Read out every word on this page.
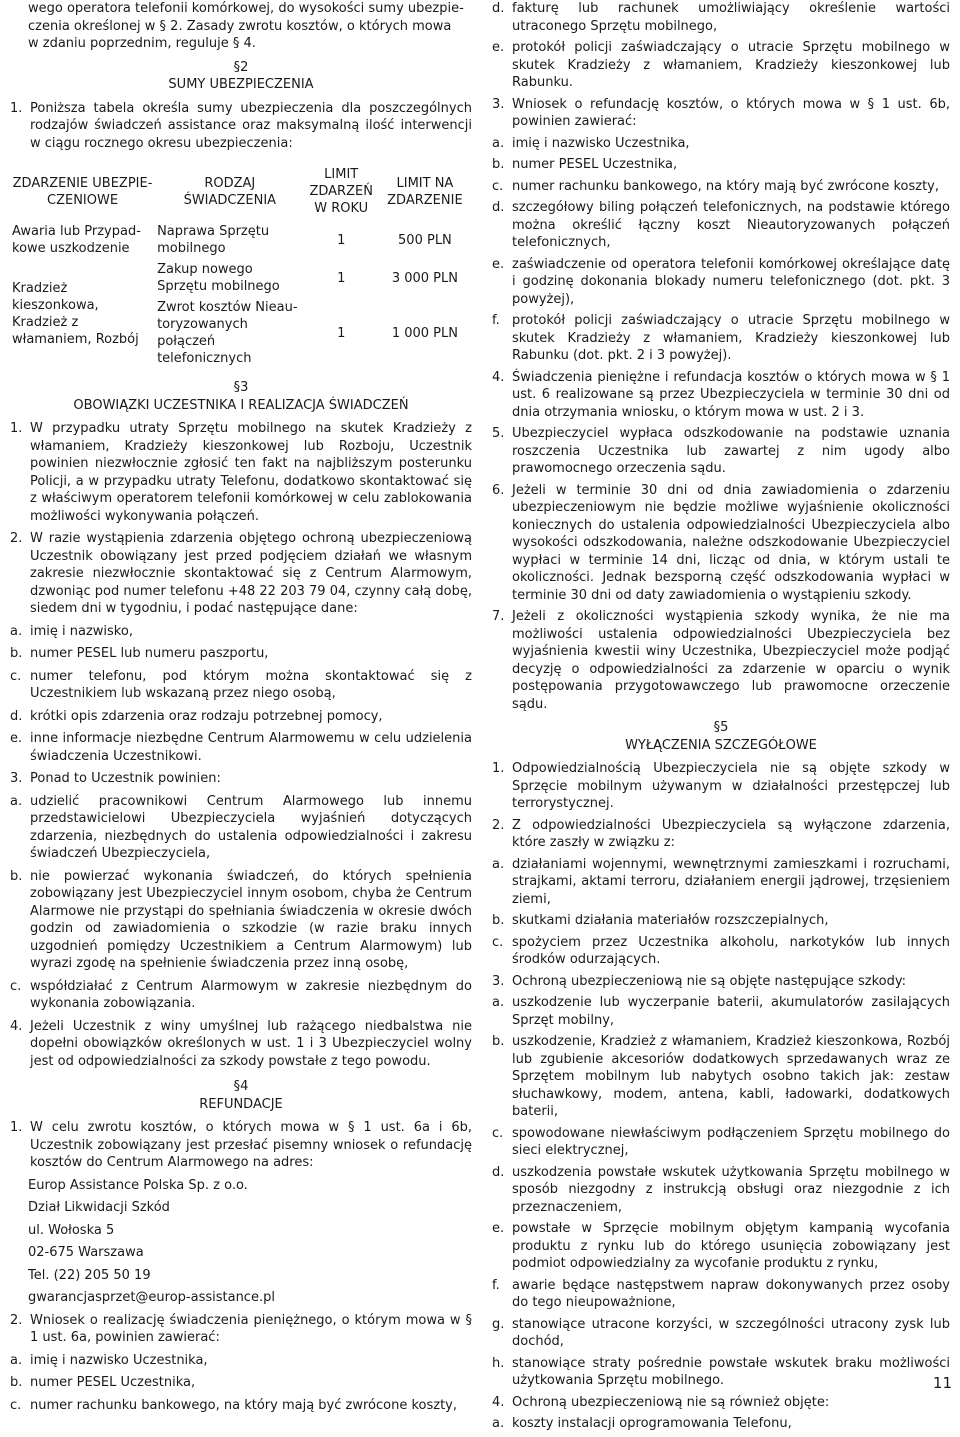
wego operatora telefonii komórkowej, do wysokości sumy ubezpie-
czenia określonej w § 2. Zasady zwrotu kosztów, o których mowa
w zdaniu poprzednim, reguluje § 4.

§2
SUMY UBEZPIECZENIA
1. Poniższa tabela określa sumy ubezpieczenia dla poszczególnych rodzajów świadczeń assistance oraz maksymalną ilość interwencji w ciągu rocznego okresu ubezpieczenia:
ZDARZENIE UBEZPIE-CZENIOWE	RODZAJ ŚWIADCZENIA	LIMIT ZDARZEŃ W ROKU	LIMIT NA ZDARZENIE
Awaria lub Przypad-kowe uszkodzenie	Naprawa Sprzętu mobilnego	1	500 PLN
Kradzież kieszonkowa, Kradzież z włamaniem, Rozbój	Zakup nowego Sprzętu mobilnego	1	3 000 PLN
	Zwrot kosztów Nieau-toryzowanych połączeń telefonicznych	1	1 000 PLN
§3
OBOWIĄZKI UCZESTNIKA I REALIZACJA ŚWIADCZEŃ
1. W przypadku utraty Sprzętu mobilnego na skutek Kradzieży z włamaniem, Kradzieży kieszonkowej lub Rozboju, Uczestnik powinien niezwłocznie zgłosić ten fakt na najbliższym posterunku Policji, a w przypadku utraty Telefonu, dodatkowo skontaktować się z właściwym operatorem telefonii komórkowej w celu zablokowania możliwości wykonywania połączeń.
2. W razie wystąpienia zdarzenia objętego ochroną ubezpieczeniową Uczestnik obowiązany jest przed podjęciem działań we własnym zakresie niezwłocznie skontaktować się z Centrum Alarmowym, dzwoniąc pod numer telefonu +48 22 203 79 04, czynny całą dobę, siedem dni w tygodniu, i podać następujące dane:
a. imię i nazwisko,
b. numer PESEL lub numeru paszportu,
c. numer telefonu, pod którym można skontaktować się z Uczestnikiem lub wskazaną przez niego osobą,
d. krótki opis zdarzenia oraz rodzaju potrzebnej pomocy,
e. inne informacje niezbędne Centrum Alarmowemu w celu udzielenia świadczenia Uczestnikowi.
3. Ponad to Uczestnik powinien:
a. udzielić pracownikowi Centrum Alarmowego lub innemu przedstawicielowi Ubezpieczyciela wyjaśnień dotyczących zdarzenia, niezbędnych do ustalenia odpowiedzialności i zakresu świadczeń Ubezpieczyciela,
b. nie powierzać wykonania świadczeń, do których spełnienia zobowiązany jest Ubezpieczyciel innym osobom, chyba że Centrum Alarmowe nie przystąpi do spełniania świadczenia w okresie dwóch godzin od zawiadomienia o szkodzie (w razie braku innych uzgodnień pomiędzy Uczestnikiem a Centrum Alarmowym) lub wyrazi zgodę na spełnienie świadczenia przez inną osobę,
c. współdziałać z Centrum Alarmowym w zakresie niezbędnym do wykonania zobowiązania.
4. Jeżeli Uczestnik z winy umyślnej lub rażącego niedbalstwa nie dopełni obowiązków określonych w ust. 1 i 3 Ubezpieczyciel wolny jest od odpowiedzialności za szkody powstałe z tego powodu.
§4
REFUNDACJE
1. W celu zwrotu kosztów, o których mowa w § 1 ust. 6a i 6b, Uczestnik zobowiązany jest przesłać pisemny wniosek o refundację kosztów do Centrum Alarmowego na adres:

Europ Assistance Polska Sp. z o.o.

Dział Likwidacji Szkód

ul. Wołoska 5

02-675 Warszawa

Tel. (22) 205 50 19

gwarancjasprzet@europ-assistance.pl

2. Wniosek o realizację świadczenia pieniężnego, o którym mowa w § 1 ust. 6a, powinien zawierać:
a. imię i nazwisko Uczestnika,
b. numer PESEL Uczestnika,
c. numer rachunku bankowego, na który mają być zwrócone koszty,
d. fakturę lub rachunek umożliwiający określenie wartości utraconego Sprzętu mobilnego,
e. protokół policji zaświadczający o utracie Sprzętu mobilnego w skutek Kradzieży z włamaniem, Kradzieży kieszonkowej lub Rabunku.
3. Wniosek o refundację kosztów, o których mowa w § 1 ust. 6b, powinien zawierać:
a. imię i nazwisko Uczestnika,
b. numer PESEL Uczestnika,
c. numer rachunku bankowego, na który mają być zwrócone koszty,
d. szczegółowy biling połączeń telefonicznych, na podstawie którego można określić łączny koszt Nieautoryzowanych połączeń telefonicznych,
e. zaświadczenie od operatora telefonii komórkowej określające datę i godzinę dokonania blokady numeru telefonicznego (dot. pkt. 3 powyżej),
f. protokół policji zaświadczający o utracie Sprzętu mobilnego w skutek Kradzieży z włamaniem, Kradzieży kieszonkowej lub Rabunku (dot. pkt. 2 i 3 powyżej).
4. Świadczenia pieniężne i refundacja kosztów o których mowa w § 1 ust. 6 realizowane są przez Ubezpieczyciela w terminie 30 dni od dnia otrzymania wniosku, o którym mowa w ust. 2 i 3.
5. Ubezpieczyciel wypłaca odszkodowanie na podstawie uznania roszczenia Uczestnika lub zawartej z nim ugody albo prawomocnego orzeczenia sądu.
6. Jeżeli w terminie 30 dni od dnia zawiadomienia o zdarzeniu ubezpieczeniowym nie będzie możliwe wyjaśnienie okoliczności koniecznych do ustalenia odpowiedzialności Ubezpieczyciela albo wysokości odszkodowania, należne odszkodowanie Ubezpieczyciel wypłaci w terminie 14 dni, licząc od dnia, w którym ustali te okoliczności. Jednak bezsporną część odszkodowania wypłaci w terminie 30 dni od daty zawiadomienia o wystąpieniu szkody.
7. Jeżeli z okoliczności wystąpienia szkody wynika, że nie ma możliwości ustalenia odpowiedzialności Ubezpieczyciela bez wyjaśnienia kwestii winy Uczestnika, Ubezpieczyciel może podjąć decyzję o odpowiedzialności za zdarzenie w oparciu o wynik postępowania przygotowawczego lub prawomocne orzeczenie sądu.
§5
WYŁĄCZENIA SZCZEGÓŁOWE
1. Odpowiedzialnością Ubezpieczyciela nie są objęte szkody w Sprzęcie mobilnym używanym w działalności przestępczej lub terrorystycznej.
2. Z odpowiedzialności Ubezpieczyciela są wyłączone zdarzenia, które zaszły w związku z:
a. działaniami wojennymi, wewnętrznymi zamieszkami i rozruchami, strajkami, aktami terroru, działaniem energii jądrowej, trzęsieniem ziemi,
b. skutkami działania materiałów rozszczepialnych,
c. spożyciem przez Uczestnika alkoholu, narkotyków lub innych środków odurzających.
3. Ochroną ubezpieczeniową nie są objęte następujące szkody:
a. uszkodzenie lub wyczerpanie baterii, akumulatorów zasilających Sprzęt mobilny,
b. uszkodzenie, Kradzież z włamaniem, Kradzież kieszonkowa, Rozbój lub zgubienie akcesoriów dodatkowych sprzedawanych wraz ze Sprzętem mobilnym lub nabytych osobno takich jak: zestaw słuchawkowy, modem, antena, kabli, ładowarki, dodatkowych baterii,
c. spowodowane niewłaściwym podłączeniem Sprzętu mobilnego do sieci elektrycznej,
d. uszkodzenia powstałe wskutek użytkowania Sprzętu mobilnego w sposób niezgodny z instrukcją obsługi oraz niezgodnie z ich przeznaczeniem,
e. powstałe w Sprzęcie mobilnym objętym kampanią wycofania produktu z rynku lub do którego usunięcia zobowiązany jest podmiot odpowiedzialny za wycofanie produktu z rynku,
f. awarie będące następstwem napraw dokonywanych przez osoby do tego nieupoważnione,
g. stanowiące utracone korzyści, w szczególności utracony zysk lub dochód,
h. stanowiące straty pośrednie powstałe wskutek braku możliwości użytkowania Sprzętu mobilnego.
4. Ochroną ubezpieczeniową nie są również objęte:
a. koszty instalacji oprogramowania Telefonu,
11
